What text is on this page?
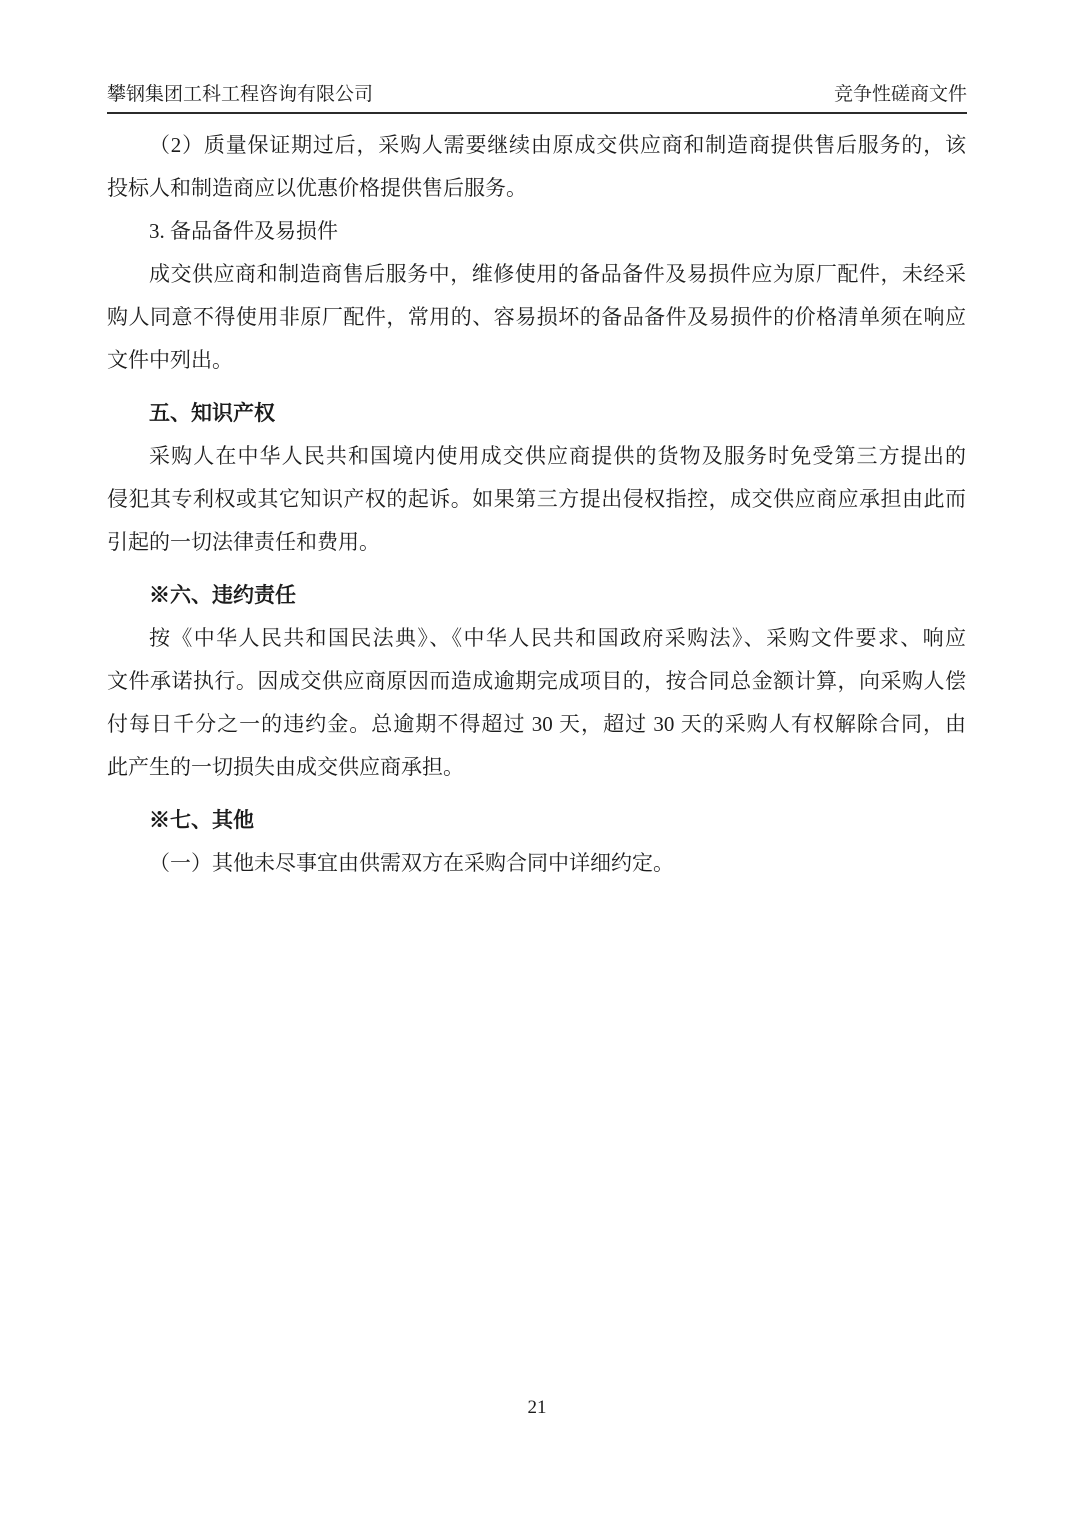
攀钢集团工科工程咨询有限公司	竞争性磋商文件
（2）质量保证期过后，采购人需要继续由原成交供应商和制造商提供售后服务的，该
投标人和制造商应以优惠价格提供售后服务。
3. 备品备件及易损件
成交供应商和制造商售后服务中，维修使用的备品备件及易损件应为原厂配件，未经采
购人同意不得使用非原厂配件，常用的、容易损坏的备品备件及易损件的价格清单须在响应
文件中列出。
五、知识产权
采购人在中华人民共和国境内使用成交供应商提供的货物及服务时免受第三方提出的
侵犯其专利权或其它知识产权的起诉。如果第三方提出侵权指控，成交供应商应承担由此而
引起的一切法律责任和费用。
※六、违约责任
按《中华人民共和国民法典》、《中华人民共和国政府采购法》、采购文件要求、响应
文件承诺执行。因成交供应商原因而造成逾期完成项目的，按合同总金额计算，向采购人偿
付每日千分之一的违约金。总逾期不得超过 30 天，超过 30 天的采购人有权解除合同，由
此产生的一切损失由成交供应商承担。
※七、其他
（一）其他未尽事宜由供需双方在采购合同中详细约定。
21
